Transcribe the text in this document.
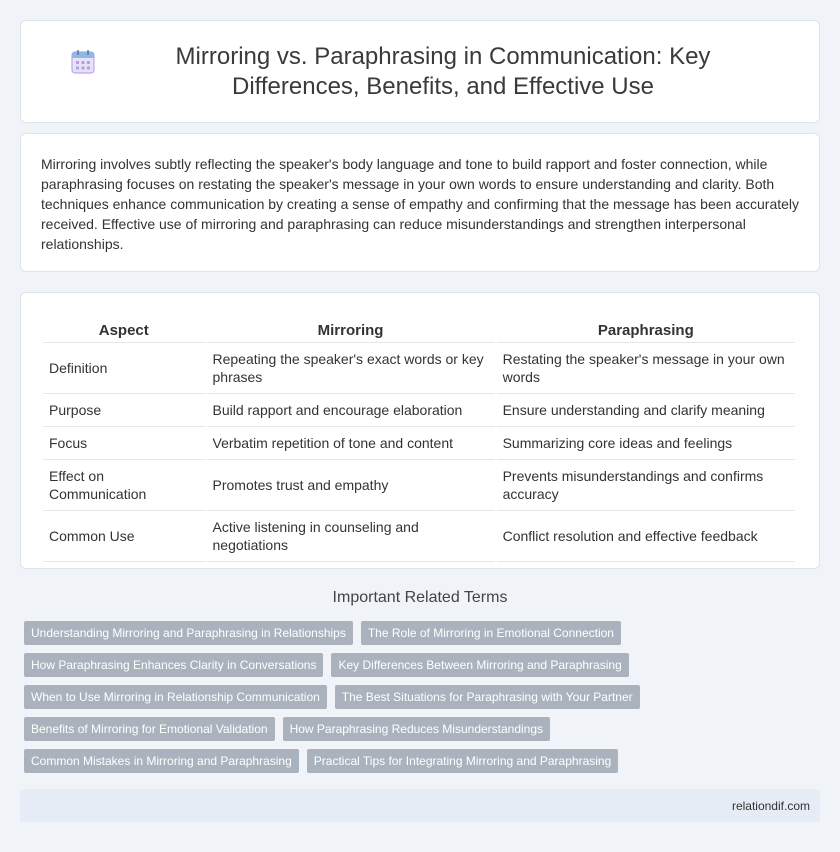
Mirroring vs. Paraphrasing in Communication: Key Differences, Benefits, and Effective Use

Mirroring involves subtly reflecting the speaker's body language and tone to build rapport and foster connection, while paraphrasing focuses on restating the speaker's message in your own words to ensure understanding and clarity. Both techniques enhance communication by creating a sense of empathy and confirming that the message has been accurately received. Effective use of mirroring and paraphrasing can reduce misunderstandings and strengthen interpersonal relationships.

Aspect	Mirroring	Paraphrasing
Definition	Repeating the speaker's exact words or key phrases	Restating the speaker's message in your own words
Purpose	Build rapport and encourage elaboration	Ensure understanding and clarify meaning
Focus	Verbatim repetition of tone and content	Summarizing core ideas and feelings
Effect on Communication	Promotes trust and empathy	Prevents misunderstandings and confirms accuracy
Common Use	Active listening in counseling and negotiations	Conflict resolution and effective feedback
Important Related Terms
Understanding Mirroring and Paraphrasing in Relationships	The Role of Mirroring in Emotional Connection
How Paraphrasing Enhances Clarity in Conversations	Key Differences Between Mirroring and Paraphrasing
When to Use Mirroring in Relationship Communication	The Best Situations for Paraphrasing with Your Partner
Benefits of Mirroring for Emotional Validation	How Paraphrasing Reduces Misunderstandings
Common Mistakes in Mirroring and Paraphrasing	Practical Tips for Integrating Mirroring and Paraphrasing
relationdif.com
